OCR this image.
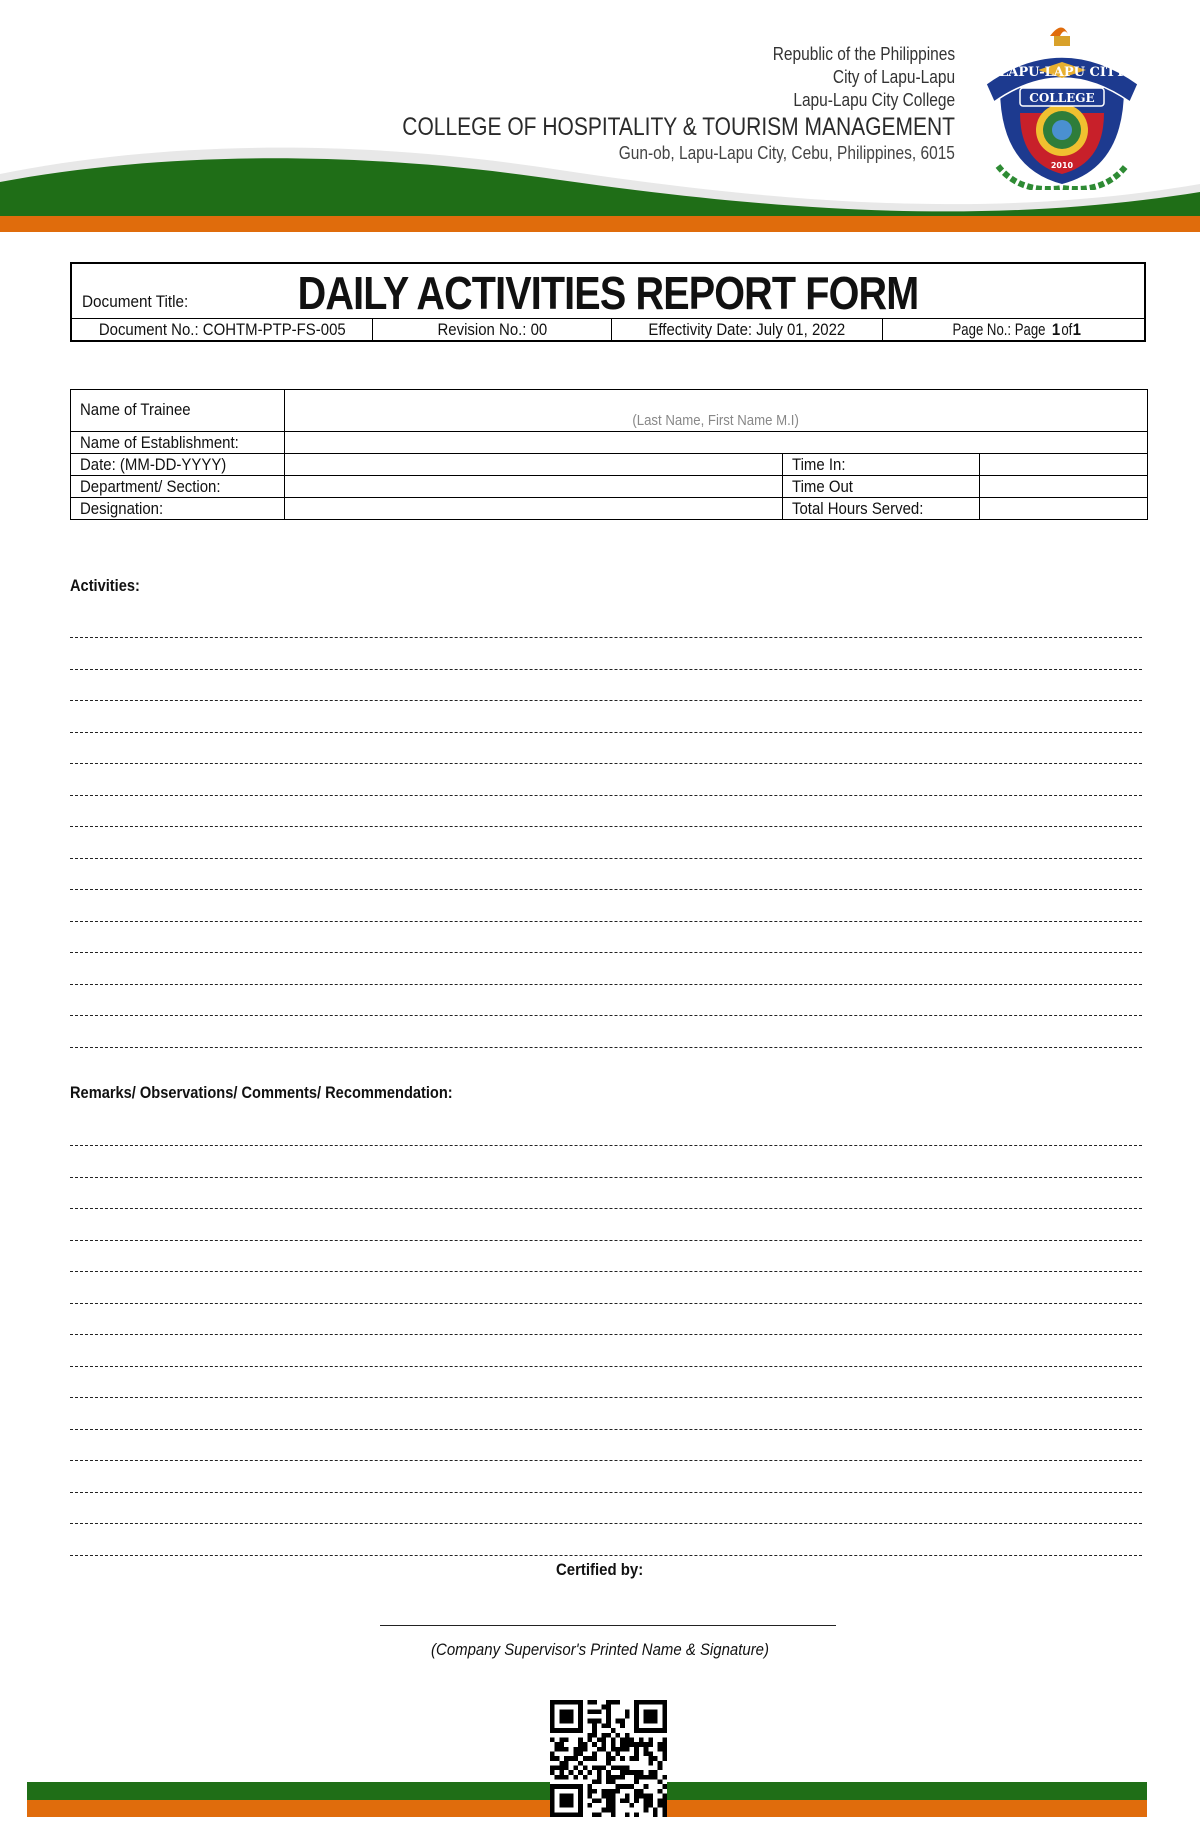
Republic of the Philippines
City of Lapu-Lapu
Lapu-Lapu City College
COLLEGE OF HOSPITALITY & TOURISM MANAGEMENT
Gun-ob, Lapu-Lapu City, Cebu, Philippines, 6015
LAPU-LAPU CITY
COLLEGE
2010
Document Title:	DAILY ACTIVITIES REPORT FORM
Document No.: COHTM-PTP-FS-005	Revision No.: 00	Effectivity Date: July 01, 2022	Page No.: Page1of1
Name of Trainee	(Last Name, First Name M.I)		
Name of Establishment:			
Date: (MM-DD-YYYY)		Time In:	
Department/ Section:		Time Out	
Designation:		Total Hours Served:	
Activities:
Remarks/ Observations/ Comments/ Recommendation:
Certified by:
(Company Supervisor's Printed Name & Signature)
